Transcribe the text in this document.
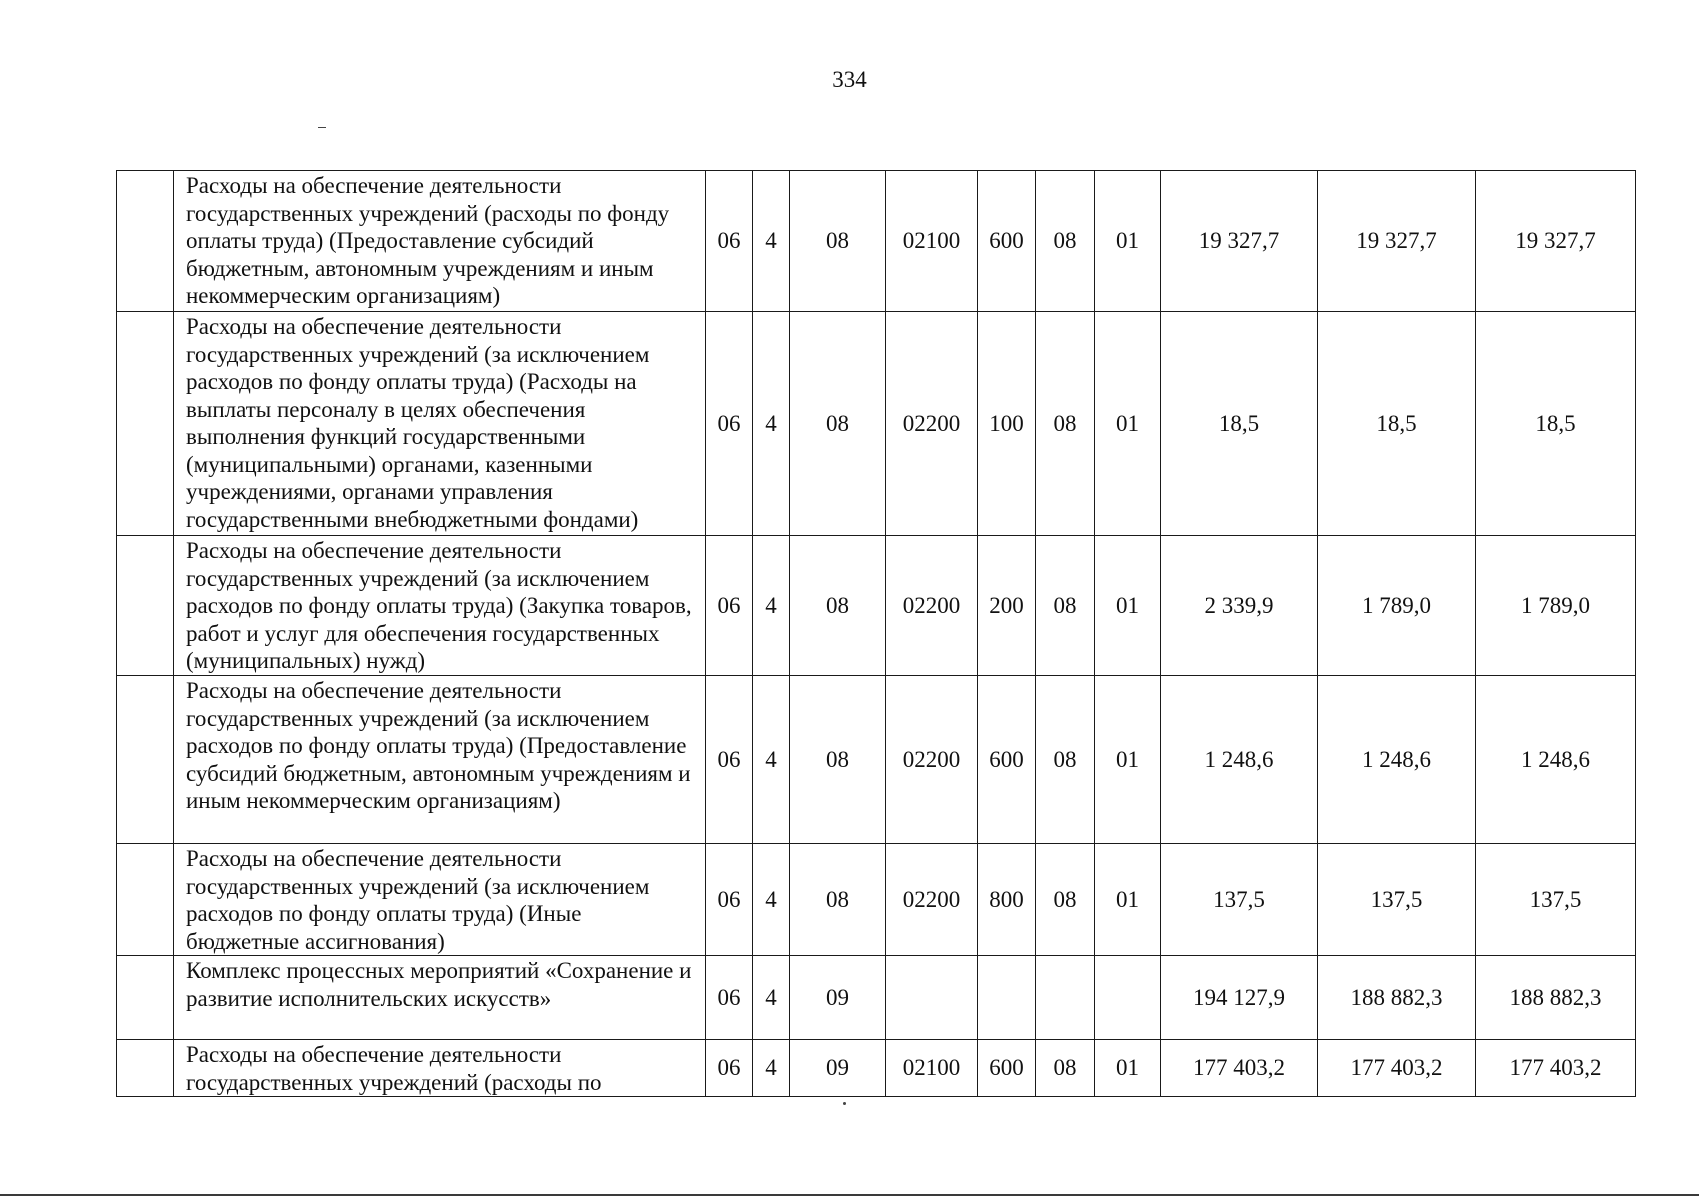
334
	Расходы на обеспечение деятельности государственных учреждений (расходы по фонду оплаты труда) (Предоставление субсидий бюджетным, автономным учреждениям и иным некоммерческим организациям)	06	4	08	02100	600	08	01	19 327,7	19 327,7	19 327,7
	Расходы на обеспечение деятельности государственных учреждений (за исключением расходов по фонду оплаты труда) (Расходы на выплаты персоналу в целях обеспечения выполнения функций государственными (муниципальными) органами, казенными учреждениями, органами управления государственными внебюджетными фондами)	06	4	08	02200	100	08	01	18,5	18,5	18,5
	Расходы на обеспечение деятельности государственных учреждений (за исключением расходов по фонду оплаты труда) (Закупка товаров, работ и услуг для обеспечения государственных (муниципальных) нужд)	06	4	08	02200	200	08	01	2 339,9	1 789,0	1 789,0
	Расходы на обеспечение деятельности государственных учреждений (за исключением расходов по фонду оплаты труда) (Предоставление субсидий бюджетным, автономным учреждениям и иным некоммерческим организациям)	06	4	08	02200	600	08	01	1 248,6	1 248,6	1 248,6
	Расходы на обеспечение деятельности государственных учреждений (за исключением расходов по фонду оплаты труда) (Иные бюджетные ассигнования)	06	4	08	02200	800	08	01	137,5	137,5	137,5
	Комплекс процессных мероприятий «Сохранение и развитие исполнительских искусств»	06	4	09					194 127,9	188 882,3	188 882,3
	Расходы на обеспечение деятельности государственных учреждений (расходы по	06	4	09	02100	600	08	01	177 403,2	177 403,2	177 403,2
